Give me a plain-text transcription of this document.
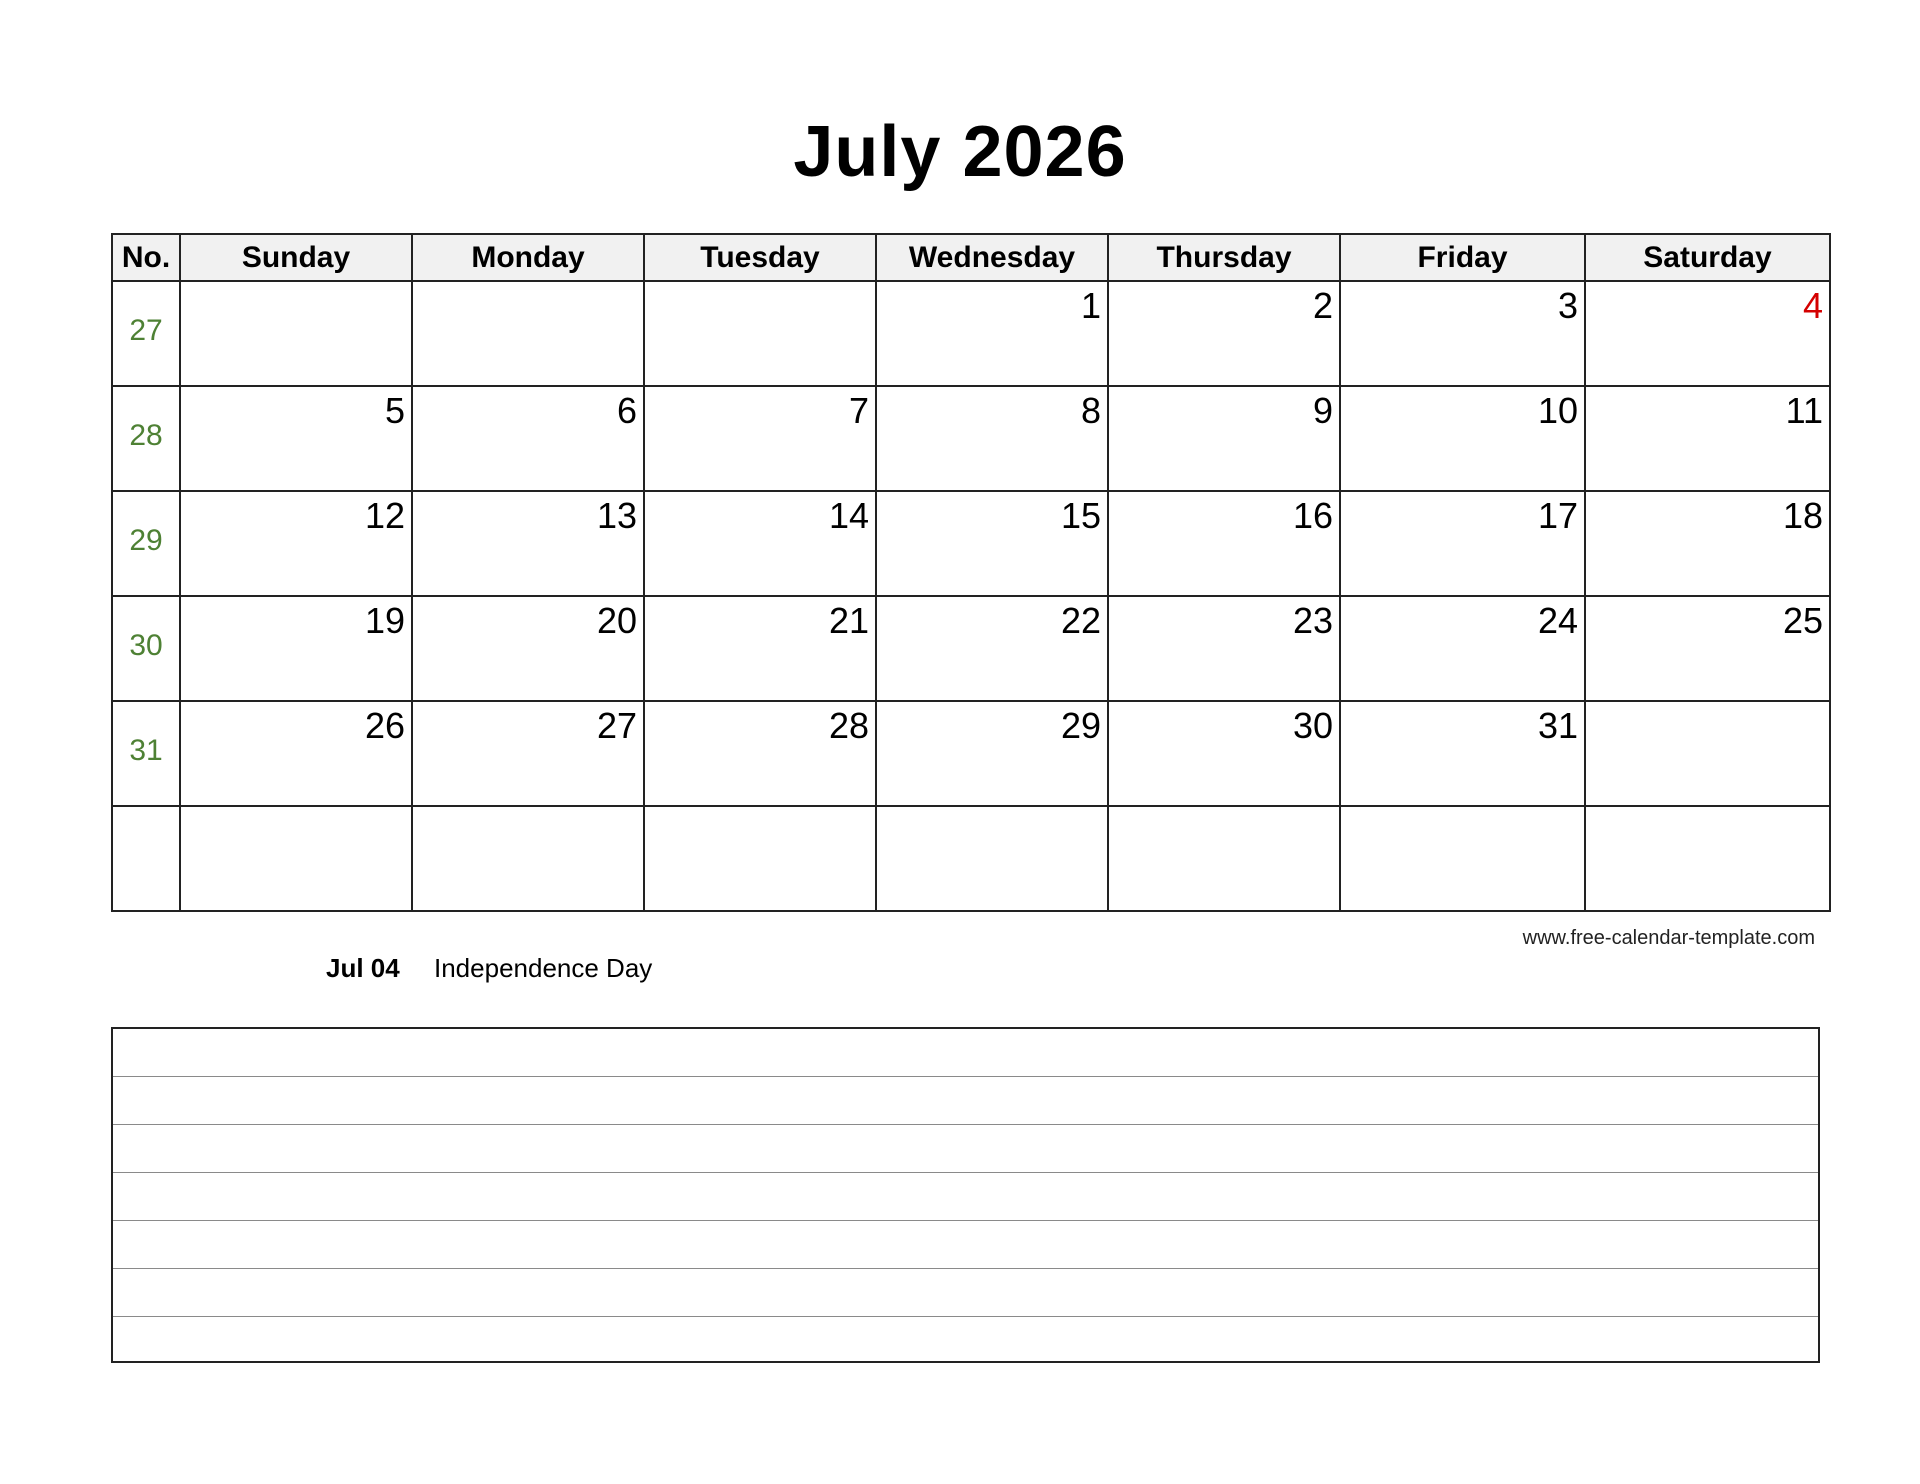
July 2026
No.	Sunday	Monday	Tuesday	Wednesday	Thursday	Friday	Saturday

27				1	2	3	4

28	5	6	7	8	9	10	11

29	12	13	14	15	16	17	18

30	19	20	21	22	23	24	25

31	26	27	28	29	30	31	

www.free-calendar-template.com
Jul 04	Independence Day
